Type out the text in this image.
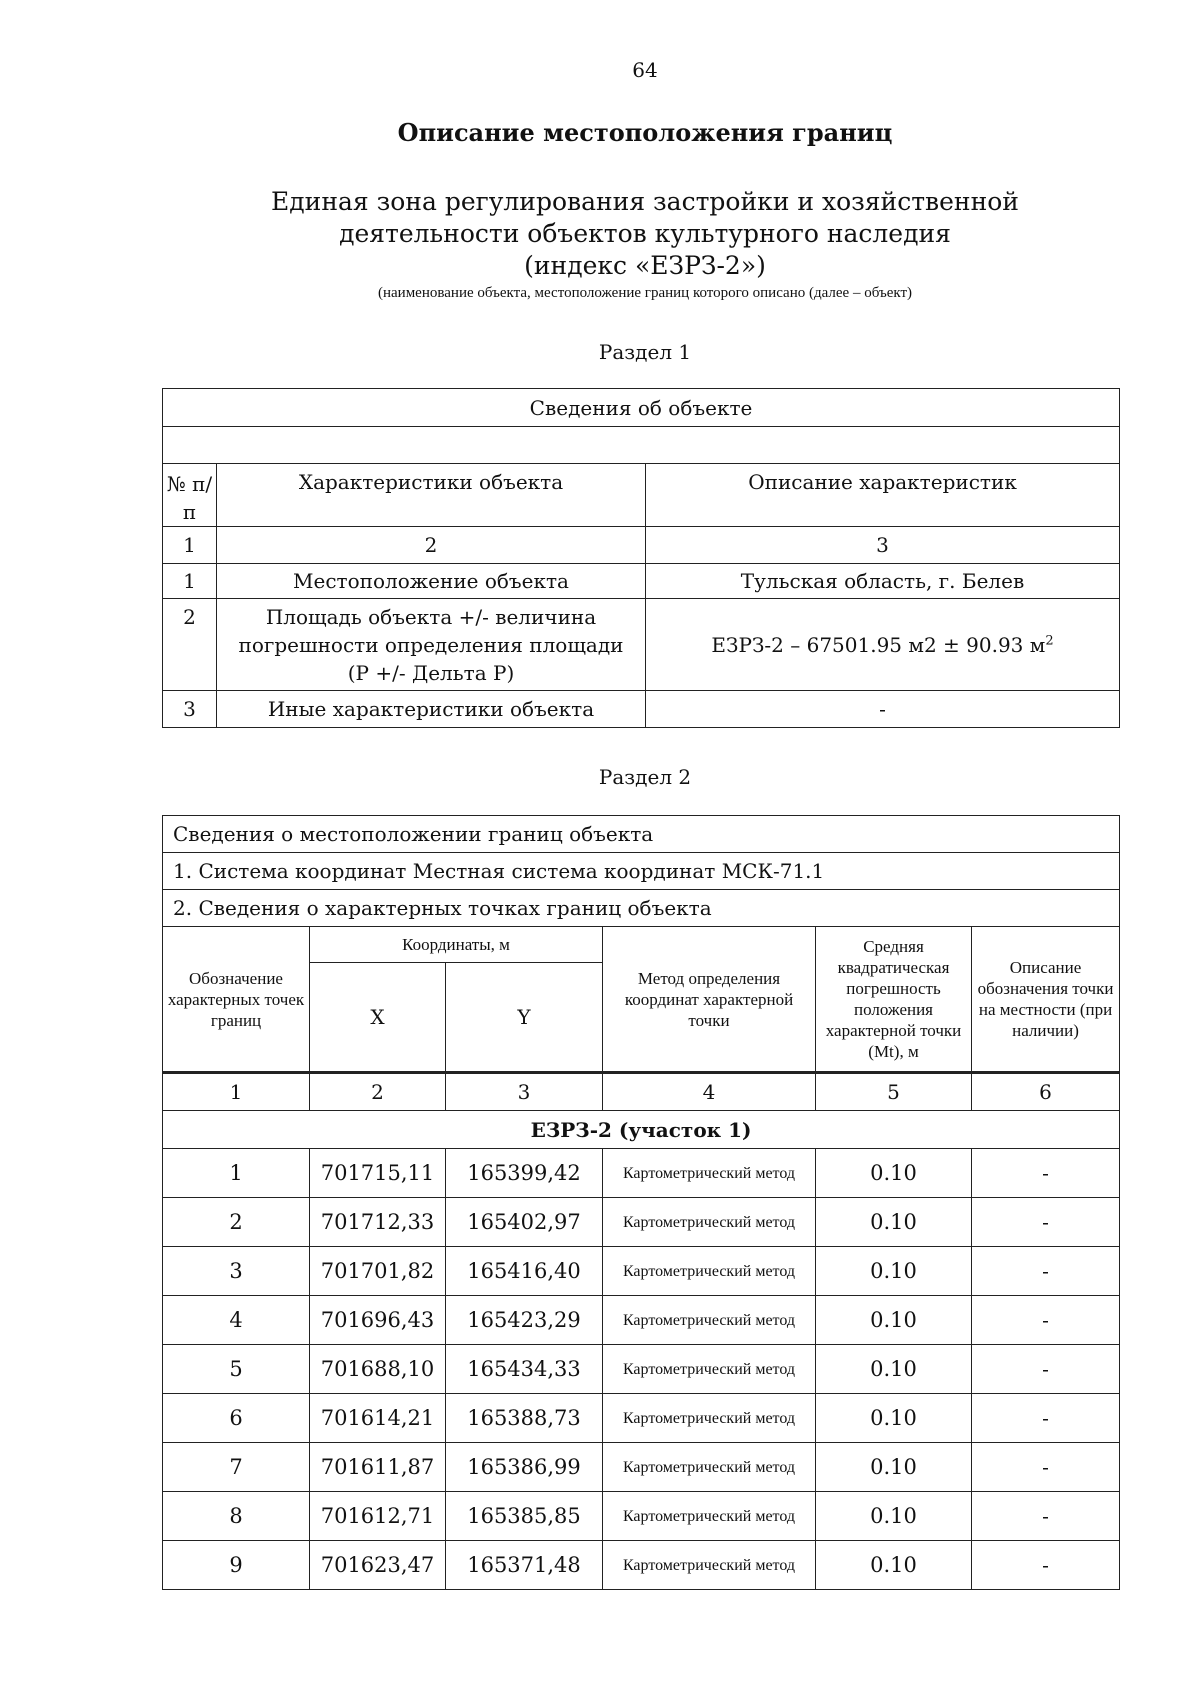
64
Описание местоположения границ
Единая зона регулирования застройки и хозяйственной
деятельности объектов культурного наследия
(индекс «ЕЗРЗ-2»)
(наименование объекта, местоположение границ которого описано (далее – объект)
Раздел 1
Сведения об объекте		

№ п/п	Характеристики объекта	Описание характеристик
1	2	3
1	Местоположение объекта	Тульская область, г. Белев
2	Площадь объекта +/- величина погрешности определения площади (P +/- Дельта P)	ЕЗРЗ-2 – 67501.95 м2 ± 90.93 $м^2$
3	Иные характеристики объекта	-
Раздел 2
Сведения о местоположении границ объекта					
1. Система координат Местная система координат МСК-71.1					
2. Сведения о характерных точках границ объекта					
Обозначение характерных точек границ	Координаты, м		Метод определения координат характерной точки	Средняя квадратическая погрешность положения характерной точки (Mt), м	Описание обозначения точки на местности (при наличии)
	X	Y			
1	2	3	4	5	6
ЕЗРЗ-2 (участок 1)					
1	701715,11	165399,42	Картометрический метод	0.10	-
2	701712,33	165402,97	Картометрический метод	0.10	-
3	701701,82	165416,40	Картометрический метод	0.10	-
4	701696,43	165423,29	Картометрический метод	0.10	-
5	701688,10	165434,33	Картометрический метод	0.10	-
6	701614,21	165388,73	Картометрический метод	0.10	-
7	701611,87	165386,99	Картометрический метод	0.10	-
8	701612,71	165385,85	Картометрический метод	0.10	-
9	701623,47	165371,48	Картометрический метод	0.10	-
